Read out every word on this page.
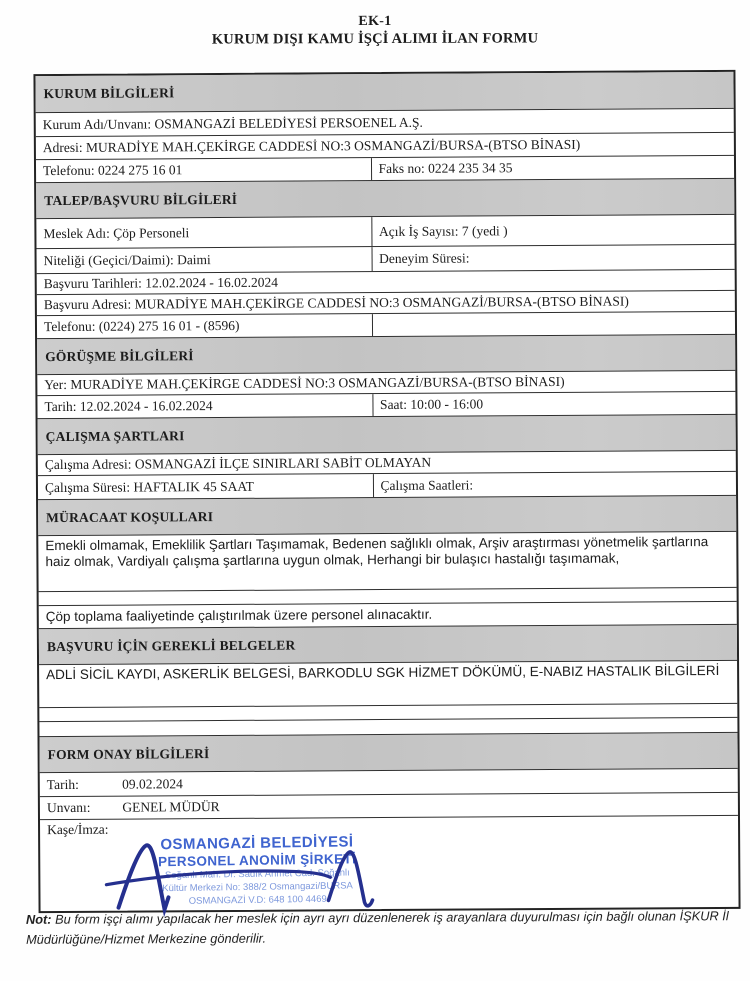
EK-1
KURUM DIŞI KAMU İŞÇİ ALIMI İLAN FORMU
KURUM BİLGİLERİ
Kurum Adı/Unvanı: OSMANGAZİ BELEDİYESİ PERSOENEL A.Ş.
Adresi: MURADİYE MAH.ÇEKİRGE CADDESİ NO:3 OSMANGAZİ/BURSA-(BTSO BİNASI)
Telefonu: 0224 275 16 01	Faks no: 0224 235 34 35
TALEP/BAŞVURU BİLGİLERİ
Meslek Adı: Çöp Personeli	Açık İş Sayısı: 7 (yedi )
Niteliği (Geçici/Daimi): Daimi	Deneyim Süresi:
Başvuru Tarihleri: 12.02.2024 - 16.02.2024
Başvuru Adresi: MURADİYE MAH.ÇEKİRGE CADDESİ NO:3 OSMANGAZİ/BURSA-(BTSO BİNASI)
Telefonu: (0224) 275 16 01 - (8596)
GÖRÜŞME BİLGİLERİ
Yer: MURADİYE MAH.ÇEKİRGE CADDESİ NO:3 OSMANGAZİ/BURSA-(BTSO BİNASI)
Tarih: 12.02.2024 - 16.02.2024	Saat: 10:00 - 16:00
ÇALIŞMA ŞARTLARI
Çalışma Adresi: OSMANGAZİ İLÇE SINIRLARI SABİT OLMAYAN
Çalışma Süresi: HAFTALIK 45 SAAT	Çalışma Saatleri:
MÜRACAAT KOŞULLARI
Emekli olmamak, Emeklilik Şartları Taşımamak, Bedenen sağlıklı olmak, Arşiv araştırması yönetmelik şartlarına haiz olmak, Vardiyalı çalışma şartlarına uygun olmak, Herhangi bir bulaşıcı hastalığı taşımamak,
Çöp toplama faaliyetinde çalıştırılmak üzere personel alınacaktır.
BAŞVURU İÇİN GEREKLİ BELGELER
ADLİ SİCİL KAYDI, ASKERLİK BELGESİ, BARKODLU SGK HİZMET DÖKÜMÜ, E-NABIZ HASTALIK BİLGİLERİ
FORM ONAY BİLGİLERİ
Tarih:	09.02.2024
Unvanı: GENEL MÜDÜR
Kaşe/İmza:
OSMANGAZİ BELEDİYESİ
PERSONEL ANONİM ŞİRKETİ
Soğanlı Mah. Dr. Sadık Ahmet Cad. Soğanlı
Kültür Merkezi No: 388/2 Osmangazi/BURSA
OSMANGAZİ V.D: 648 100 4469
Not: Bu form işçi alımı yapılacak her meslek için ayrı ayrı düzenlenerek iş arayanlara duyurulması için bağlı olunan İŞKUR İl Müdürlüğüne/Hizmet Merkezine gönderilir.
